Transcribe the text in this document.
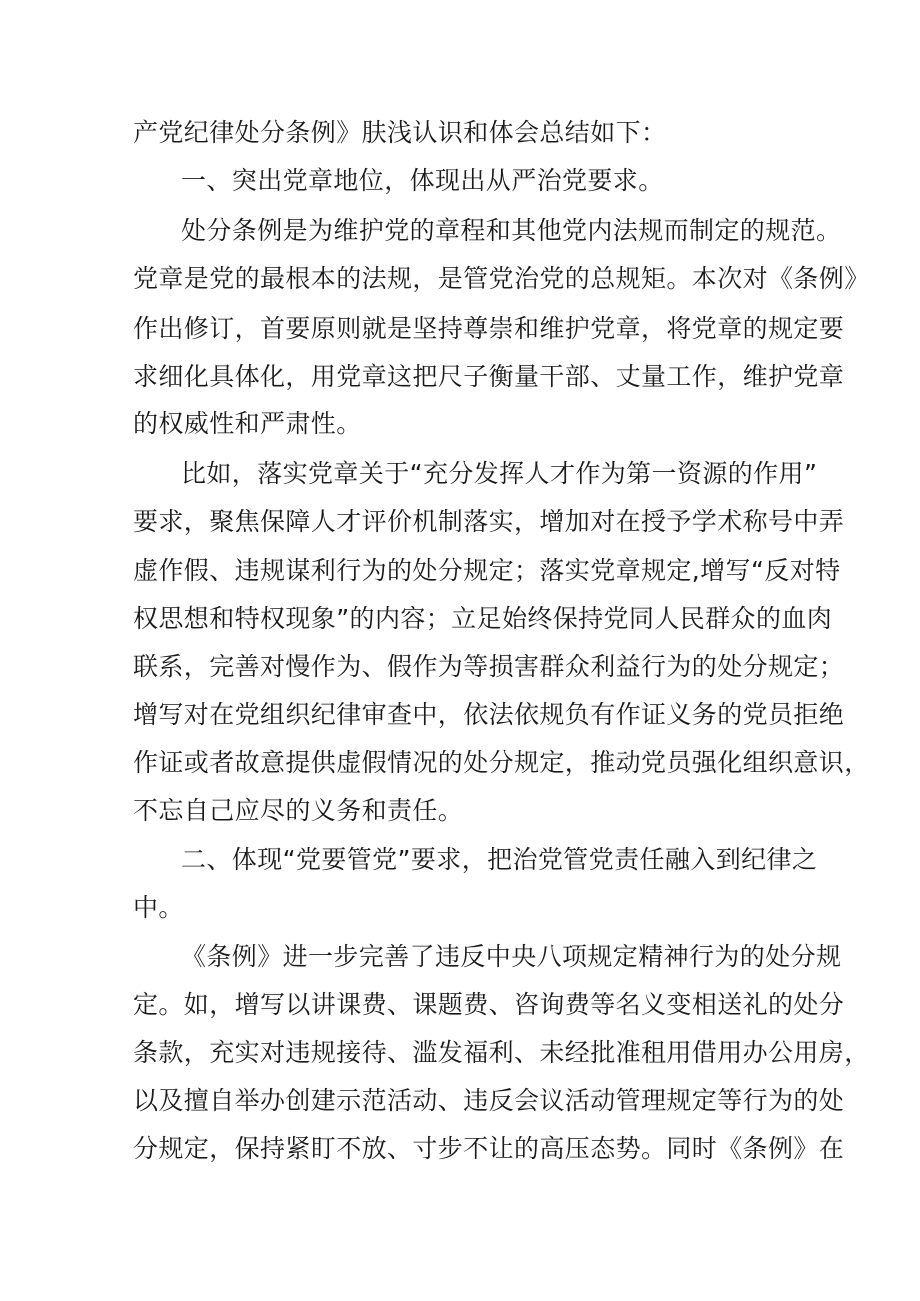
产党纪律处分条例》肤浅认识和体会总结如下：
一、突出党章地位，体现出从严治党要求。
处分条例是为维护党的章程和其他党内法规而制定的规范。
党章是党的最根本的法规，是管党治党的总规矩。本次对《条例》
作出修订，首要原则就是坚持尊崇和维护党章，将党章的规定要
求细化具体化，用党章这把尺子衡量干部、丈量工作，维护党章
的权威性和严肃性。
比如，落实党章关于“充分发挥人才作为第一资源的作用”
要求，聚焦保障人才评价机制落实，增加对在授予学术称号中弄
虚作假、违规谋利行为的处分规定；落实党章规定,增写“反对特
权思想和特权现象”的内容；立足始终保持党同人民群众的血肉
联系，完善对慢作为、假作为等损害群众利益行为的处分规定；
增写对在党组织纪律审查中，依法依规负有作证义务的党员拒绝
作证或者故意提供虚假情况的处分规定，推动党员强化组织意识，
不忘自己应尽的义务和责任。
二、体现“党要管党”要求，把治党管党责任融入到纪律之
中。
《条例》进一步完善了违反中央八项规定精神行为的处分规
定。如，增写以讲课费、课题费、咨询费等名义变相送礼的处分
条款，充实对违规接待、滥发福利、未经批准租用借用办公用房，
以及擅自举办创建示范活动、违反会议活动管理规定等行为的处
分规定，保持紧盯不放、寸步不让的高压态势。同时《条例》在
